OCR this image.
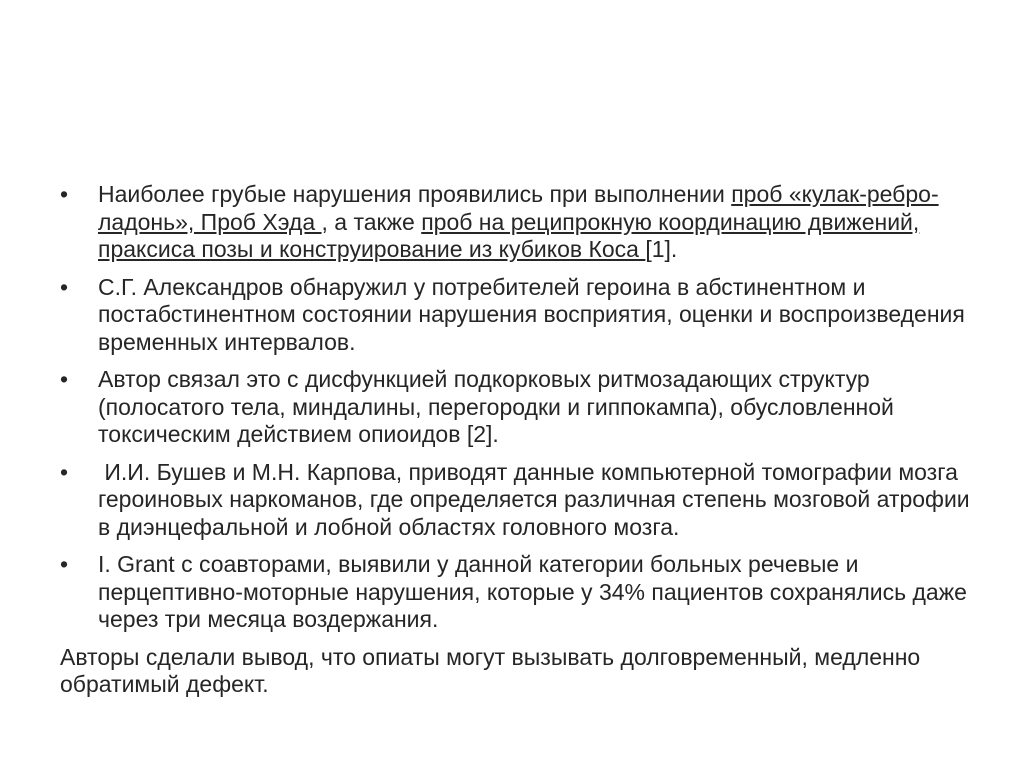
•	Наиболее грубые нарушения проявились при выполнении проб «кулак-ребро-ладонь», Проб Хэда , а также проб на реципрокную координацию движений, праксиса позы и конструирование из кубиков Коса [1].
•	С.Г. Александров обнаружил у потребителей героина в абстинентном и постабстинентном состоянии нарушения восприятия, оценки и воспроизведения временных интервалов.
•	Автор связал это с дисфункцией подкорковых ритмозадающих структур (полосатого тела, миндалины, перегородки и гиппокампа), обусловленной токсическим действием опиоидов [2].
•	И.И. Бушев и М.Н. Карпова, приводят данные компьютерной томографии мозга героиновых наркоманов, где определяется различная степень мозговой атрофии в диэнцефальной и лобной областях головного мозга.
•	I. Grant с соавторами, выявили у данной категории больных речевые и перцептивно-моторные нарушения, которые у 34% пациентов сохранялись даже через три месяца воздержания.

Авторы сделали вывод, что опиаты могут вызывать долговременный, медленно обратимый дефект.
